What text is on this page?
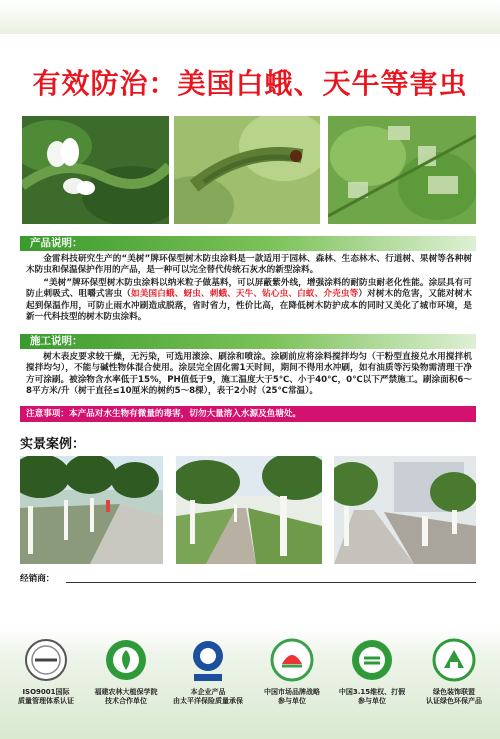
有效防治：美国白蛾、天牛等害虫
产品说明：
金雷科技研究生产的“美树”牌环保型树木防虫涂料是一款适用于园林、森林、生态林木、行道树、果树等各种树木防虫和保温保护作用的产品，是一种可以完全替代传统石灰水的新型涂料。
“美树”牌环保型树木防虫涂料以纳米粒子做基料，可以屏蔽紫外线，增强涂料的耐防虫耐老化性能。涂层具有可防止刺吸式、咀嚼式害虫（如美国白蛾、蚜虫、刺蛾、天牛、钻心虫、白蚁、介壳虫等）对树木的危害，又能对树木起到保温作用，可防止雨水冲刷造成脱落，省时省力，性价比高，在降低树木防护成本的同时又美化了城市环境，是新一代科技型的树木防虫涂料。
施工说明：
树木表皮要求较干燥，无污染，可选用滚涂、刷涂和喷涂。涂刷前应将涂料搅拌均匀（干粉型直接兑水用搅拌机搅拌均匀），不能与碱性物体混合使用。涂层完全固化需1天时间，期间不得用水冲刷，如有油质等污染物需清理干净方可涂刷。被涂物含水率低于15%，PH值低于9，施工温度大于5℃、小于40℃，0℃以下严禁施工。刷涂面积6～8平方米/升（树干直径≤10厘米的树约5～8棵），表干2小时（25℃常温）。
注意事项：本产品对水生物有微量的毒害，切勿大量溶入水源及鱼塘处。
实景案例：
经销商：
ISO9001国际
质量管理体系认证
福建农林大植保学院
技术合作单位
本企业产品
由太平洋保险质量承保
中国市场品牌战略
参与单位
中国3.15维权、打假
参与单位
绿色装饰联盟
认证绿色环保产品
